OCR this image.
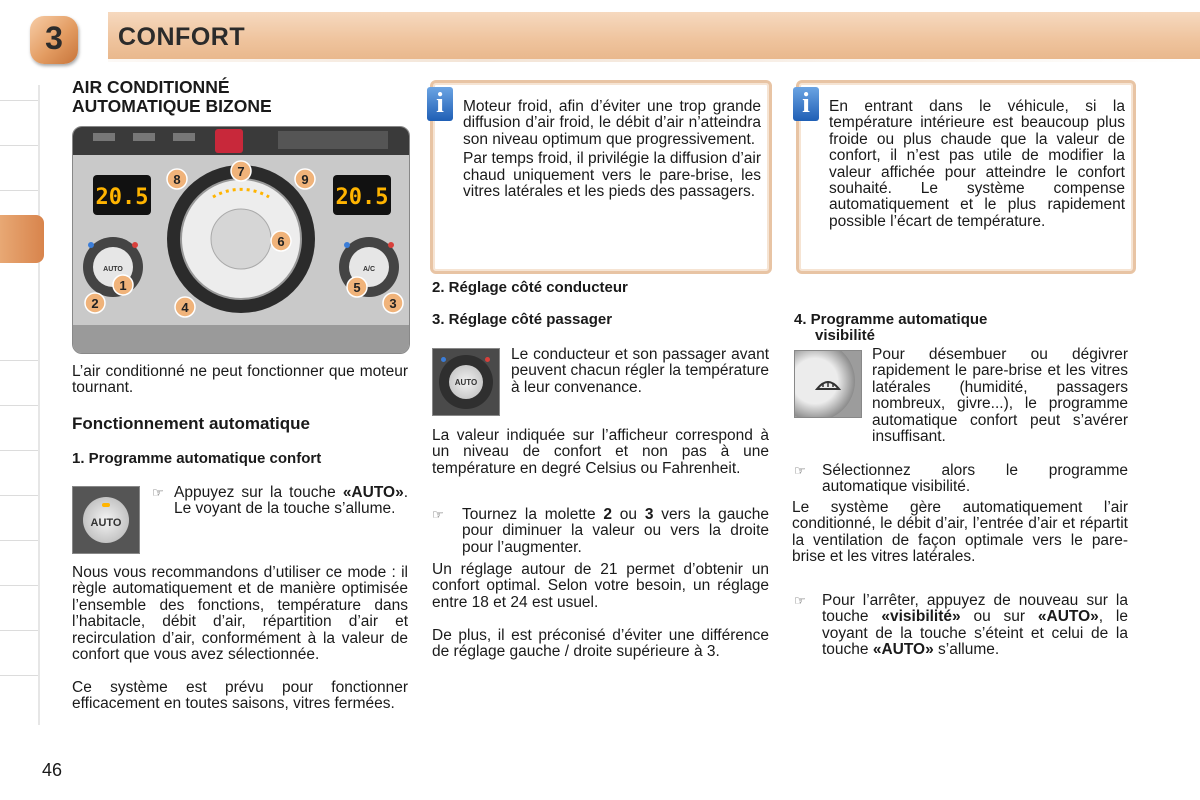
3	CONFORT
46
AIR CONDITIONNÉ
AUTOMATIQUE BIZONE
20.5	20.5
AUTO	A/C
1
2	3
4
5
6
7
8	9
L’air conditionné ne peut fonctionner que moteur tournant.
Fonctionnement automatique
1. Programme automatique confort
AUTO
☞ Appuyez sur la touche «AUTO». Le voyant de la touche s’allume.
Nous vous recommandons d’utiliser ce mode : il règle automatiquement et de manière optimisée l’ensemble des fonctions, température dans l’habitacle, débit d’air, répartition d’air et recirculation d’air, conformément à la valeur de confort que vous avez sélectionnée.
Ce système est prévu pour fonctionner efficacement en toutes saisons, vitres fermées.
i	Moteur froid, afin d’éviter une trop grande diffusion d’air froid, le débit d’air n’atteindra son niveau optimum que progressivement.
Par temps froid, il privilégie la diffusion d’air chaud uniquement vers le pare-brise, les vitres latérales et les pieds des passagers.
i	En entrant dans le véhicule, si la température intérieure est beaucoup plus froide ou plus chaude que la valeur de confort, il n’est pas utile de modifier la valeur affichée pour atteindre le confort souhaité. Le système compense automatiquement et le plus rapidement possible l’écart de température.
2. Réglage côté conducteur
3. Réglage côté passager
AUTO
Le conducteur et son passager avant peuvent chacun régler la température à leur convenance.
La valeur indiquée sur l’afficheur correspond à un niveau de confort et non pas à une température en degré Celsius ou Fahrenheit.
☞ Tournez la molette 2 ou 3 vers la gauche pour diminuer la valeur ou vers la droite pour l’augmenter.
Un réglage autour de 21 permet d’obtenir un confort optimal. Selon votre besoin, un réglage entre 18 et 24 est usuel.
De plus, il est préconisé d’éviter une différence de réglage gauche / droite supérieure à 3.
4. Programme automatique
visibilité
Pour désembuer ou dégivrer rapidement le pare-brise et les vitres latérales (humidité, passagers nombreux, givre...), le programme automatique confort peut s’avérer insuffisant.
☞ Sélectionnez alors le programme automatique visibilité.
Le système gère automatiquement l’air conditionné, le débit d’air, l’entrée d’air et répartit la ventilation de façon optimale vers le pare-brise et les vitres latérales.
☞ Pour l’arrêter, appuyez de nouveau sur la touche «visibilité» ou sur «AUTO», le voyant de la touche s’éteint et celui de la touche «AUTO» s’allume.
